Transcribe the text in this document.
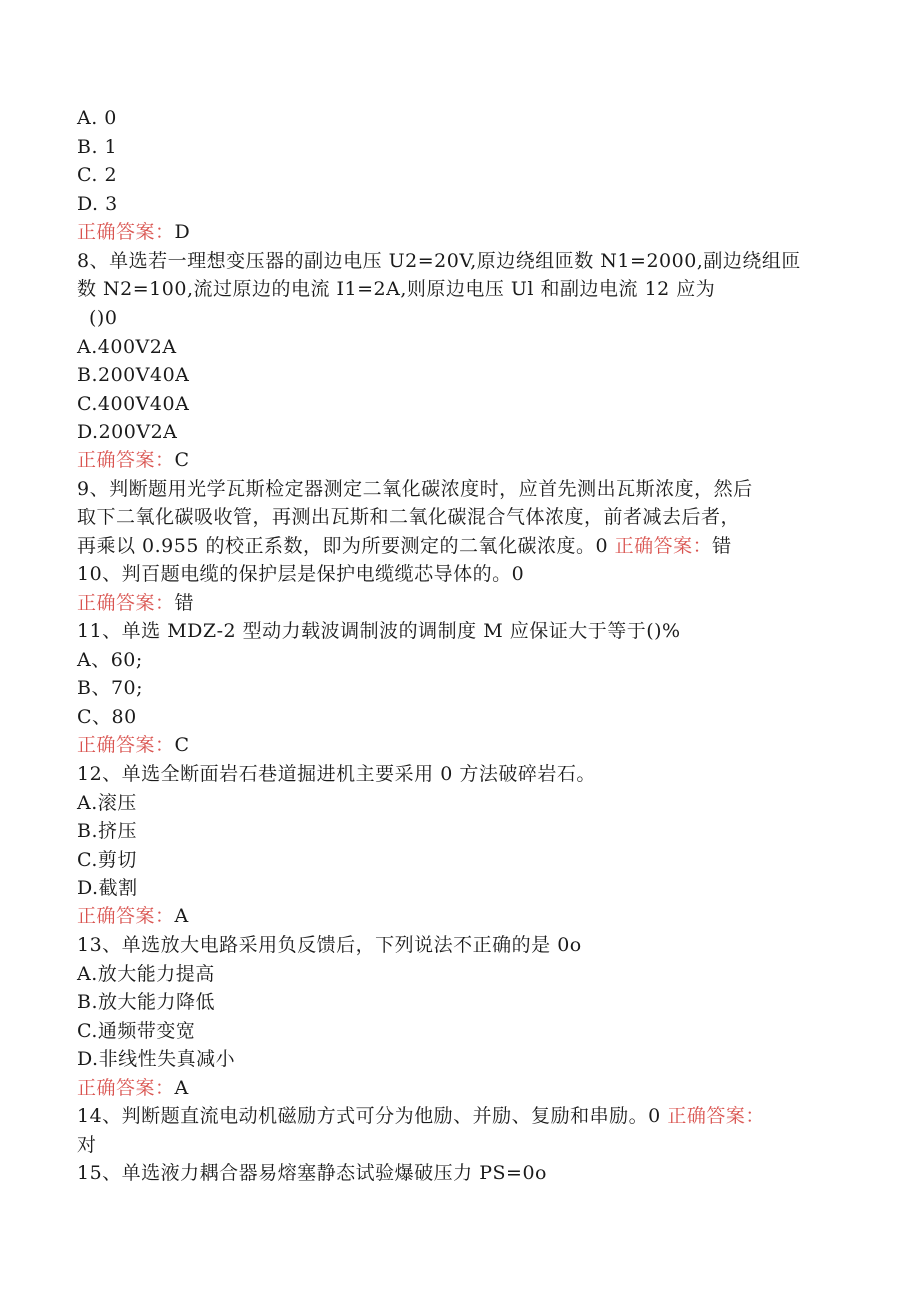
A. 0
B. 1
C. 2
D. 3
正确答案：D
8、单选若一理想变压器的副边电压 U2=20V,原边绕组匝数 N1=2000,副边绕组匝
数 N2=100,流过原边的电流 I1=2A,则原边电压 Ul 和副边电流 12 应为
()0
A.400V2A
B.200V40A
C.400V40A
D.200V2A
正确答案：C
9、判断题用光学瓦斯检定器测定二氧化碳浓度时，应首先测出瓦斯浓度，然后
取下二氧化碳吸收管，再测出瓦斯和二氧化碳混合气体浓度，前者减去后者，
再乘以 0.955 的校正系数，即为所要测定的二氧化碳浓度。0 正确答案：错
10、判百题电缆的保护层是保护电缆缆芯导体的。0
正确答案：错
11、单选 MDZ-2 型动力载波调制波的调制度 M 应保证大于等于()%
A、60;
B、70;
C、80
正确答案：C
12、单选全断面岩石巷道掘进机主要采用 0 方法破碎岩石。
A.滚压
B.挤压
C.剪切
D.截割
正确答案：A
13、单选放大电路采用负反馈后，下列说法不正确的是 0o
A.放大能力提高
B.放大能力降低
C.通频带变宽
D.非线性失真减小
正确答案：A
14、判断题直流电动机磁励方式可分为他励、并励、复励和串励。0 正确答案：
对
15、单选液力耦合器易熔塞静态试验爆破压力 PS=0o
